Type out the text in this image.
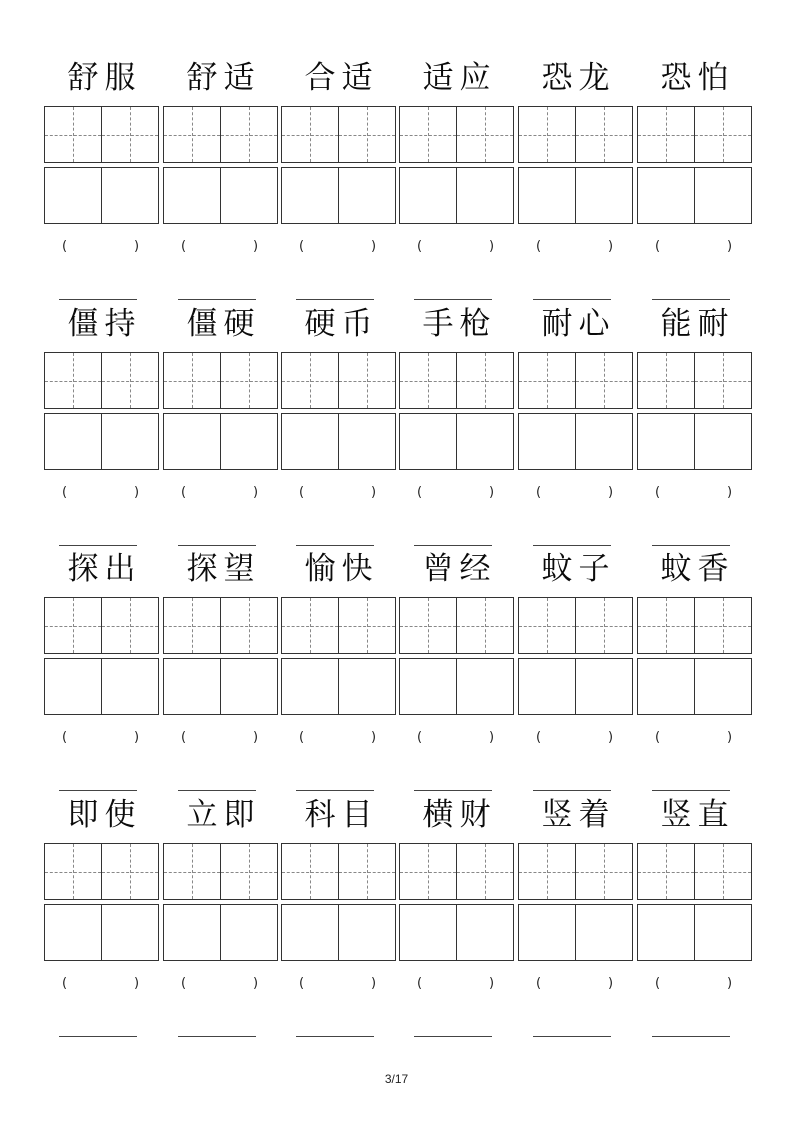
舒服
(	)
舒适
(	)
合适
(	)
适应
(	)
恐龙
(	)
恐怕
(	)
僵持
(	)
僵硬
(	)
硬币
(	)
手枪
(	)
耐心
(	)
能耐
(	)
探出
(	)
探望
(	)
愉快
(	)
曾经
(	)
蚊子
(	)
蚊香
(	)
即使
(	)
立即
(	)
科目
(	)
横财
(	)
竖着
(	)
竖直
(	)
3/17
